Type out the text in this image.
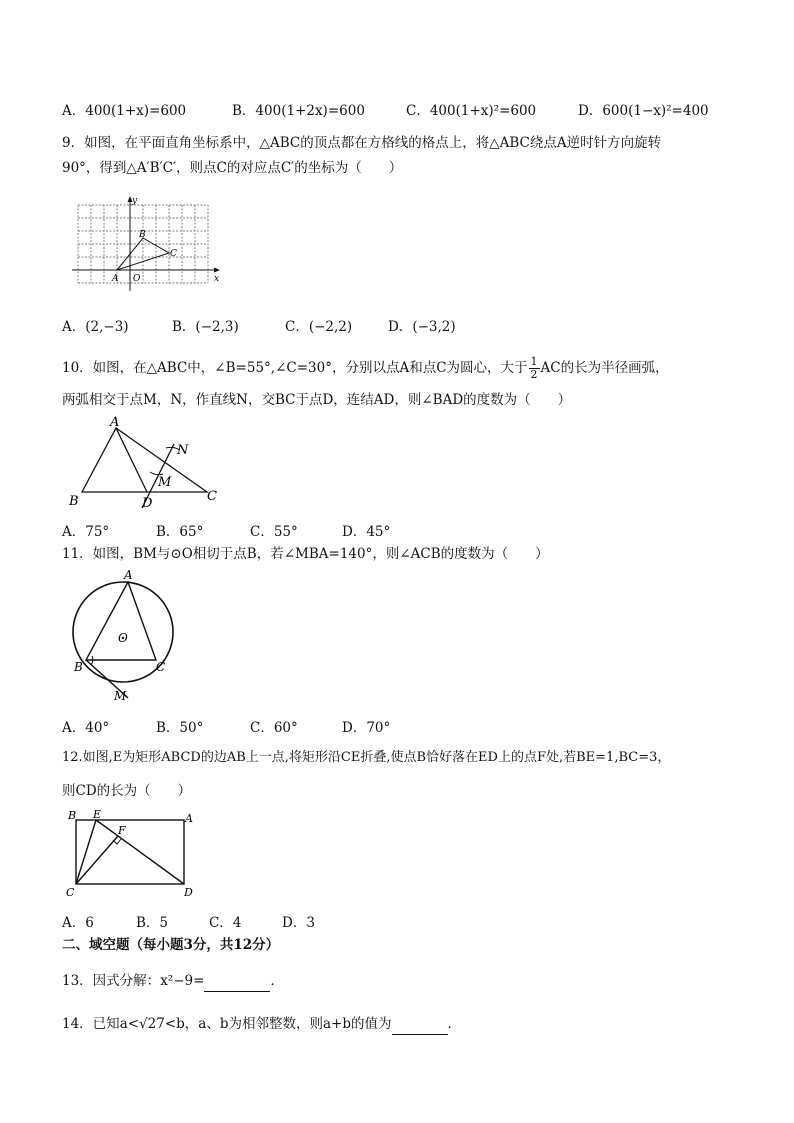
A．400(1+x)=600	B．400(1+2x)=600	C．400(1+x)²=600	D．600(1−x)²=400
9．如图，在平面直角坐标系中，△ABC的顶点都在方格线的格点上，将△ABC绕点A逆时针方向旋转
90°，得到△A′B′C′，则点C的对应点C′的坐标为（　　）
y
x
A O
B
C
A．(2,−3)	B．(−2,3)	C．(−2,2)	D．(−3,2)
10．如图，在△ABC中，∠B=55°,∠C=30°，分别以点A和点C为圆心，大于 $\frac{1}{2}$ AC的长为半径画弧，
两弧相交于点M，N，作直线N，交BC于点D，连结AD，则∠BAD的度数为（　　）
A
B	C
D
M
N
A．75°	B．65°	C．55°	D．45°
11．如图，BM与⊙O相切于点B，若∠MBA=140°，则∠ACB的度数为（　　）
A
O
B	C
M
A．40°	B．50°	C．60°	D．70°
12.如图,E为矩形ABCD的边AB上一点,将矩形沿CE折叠,使点B恰好落在ED上的点F处,若BE=1,BC=3，
则CD的长为（　　）
B E
F
A
C	D
A．6	B．5	C．4	D．3
二、域空题（每小题3分，共12分）
13．因式分解：x²−9=	．
14．已知a<√27<b，a、b为相邻整数，则a+b的值为	．
